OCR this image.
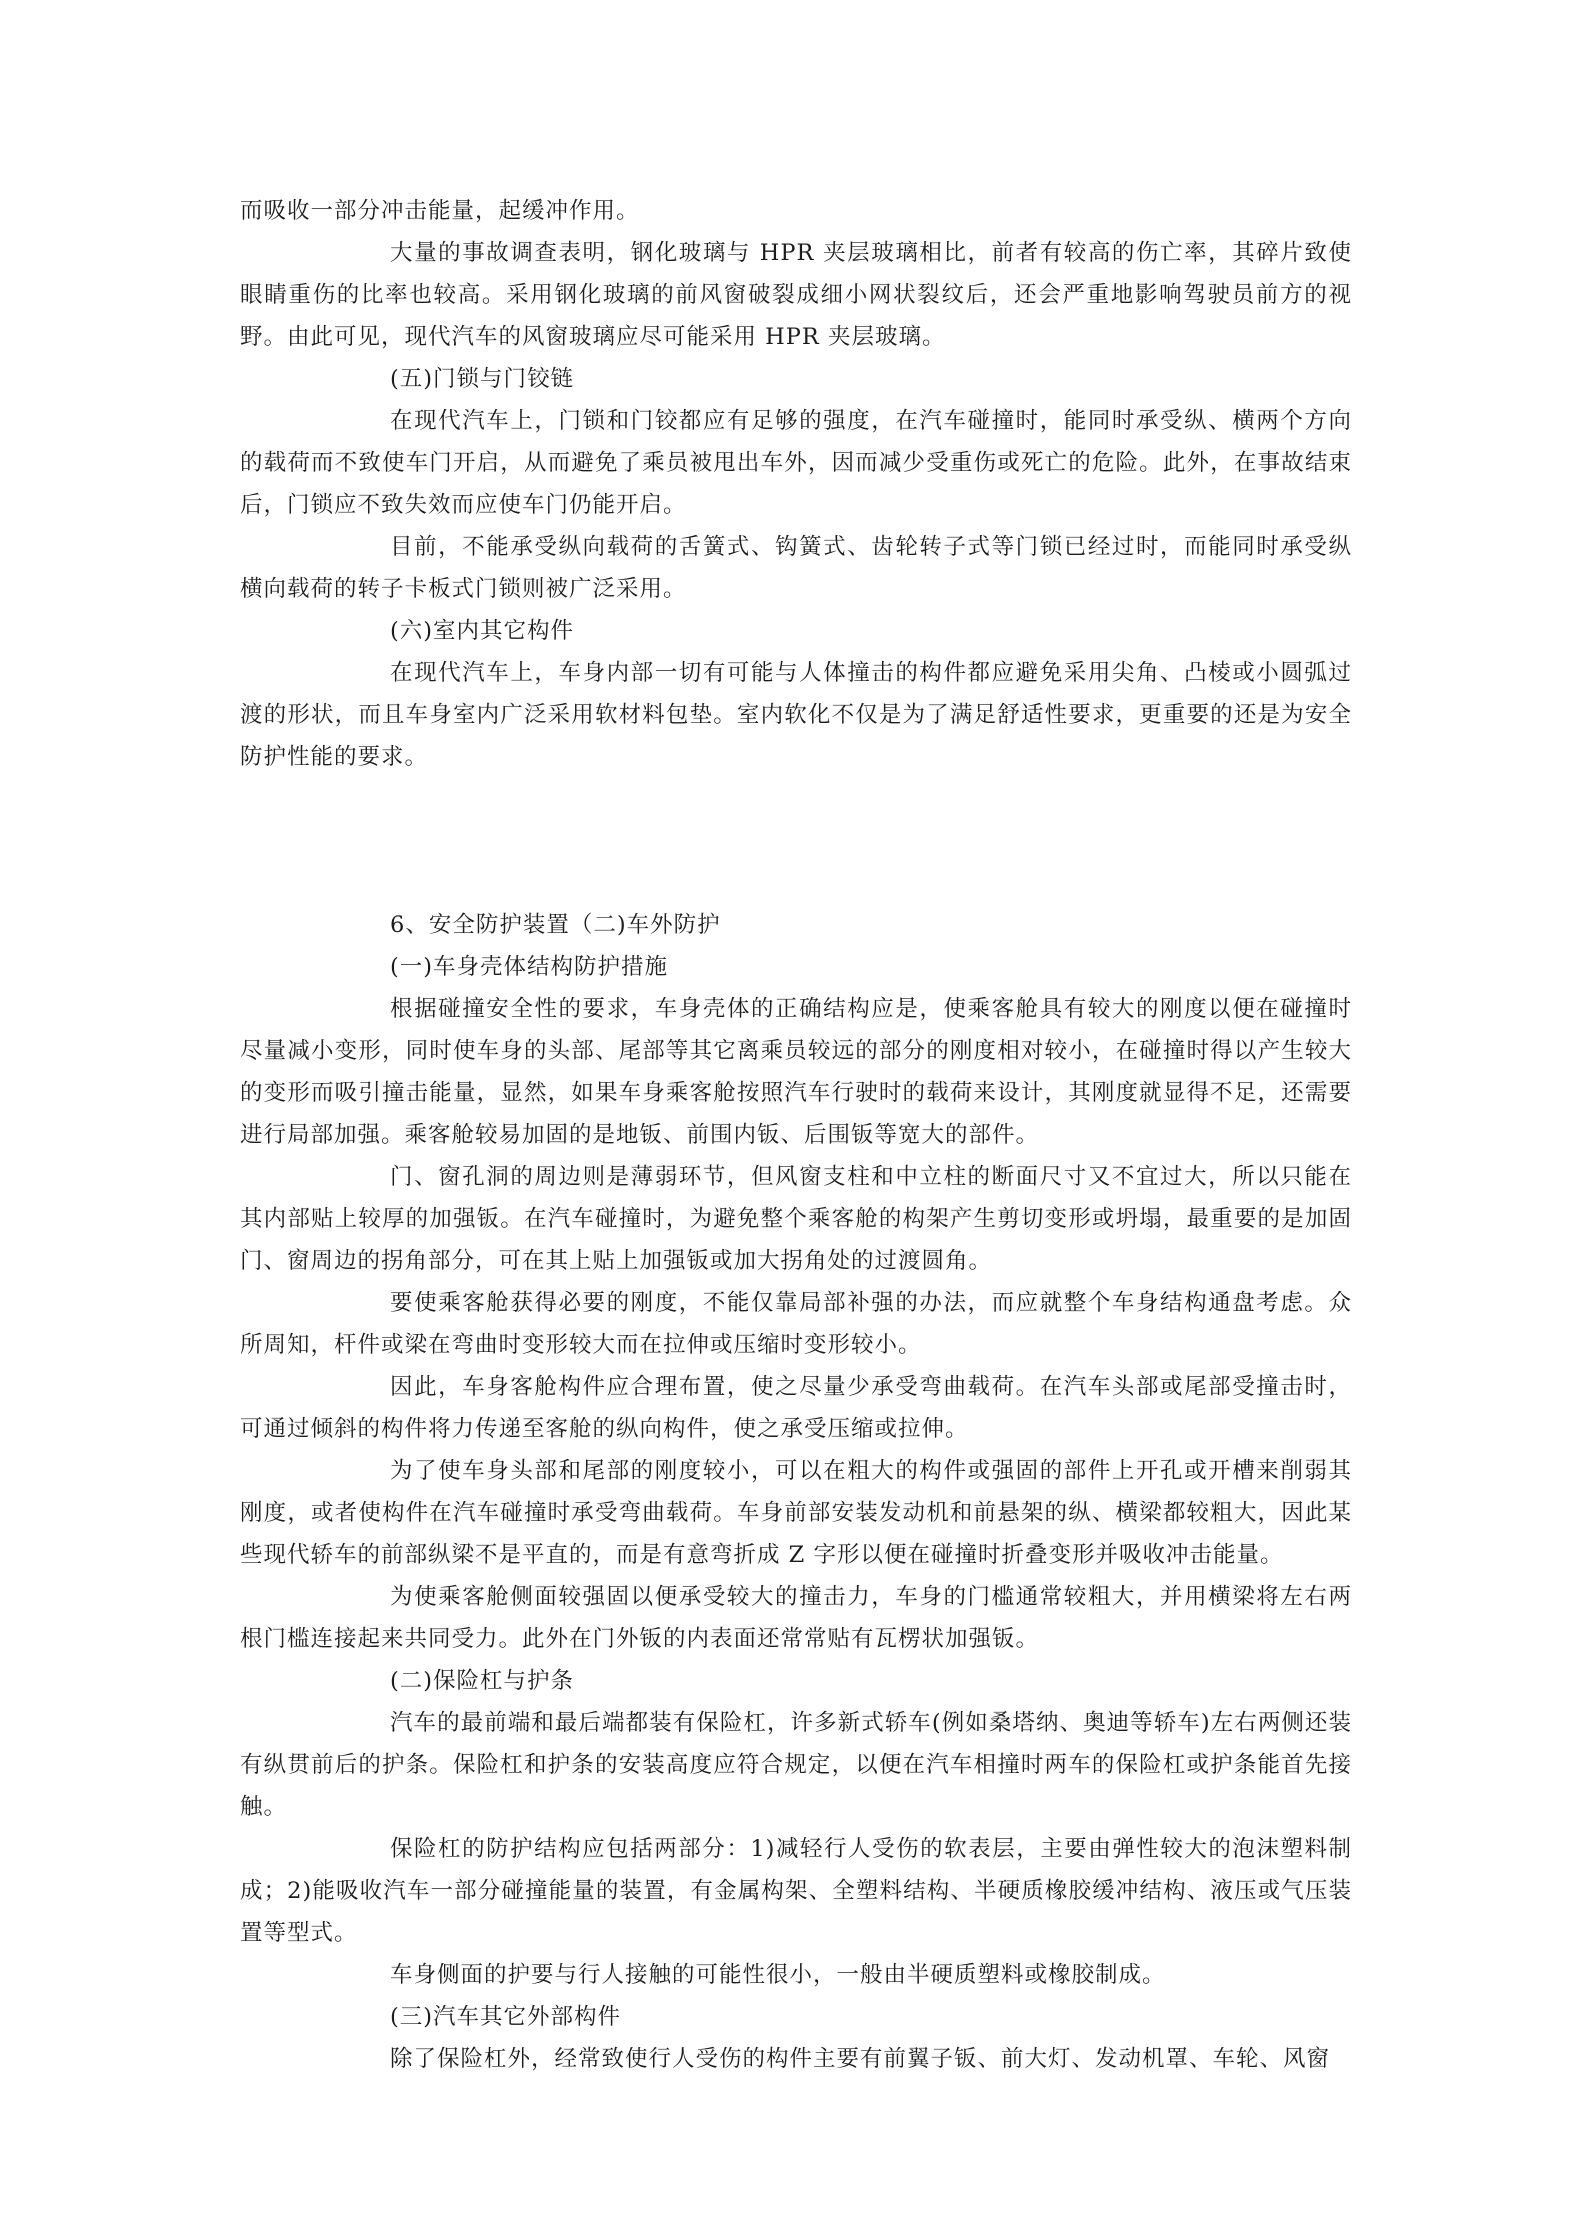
而吸收一部分冲击能量，起缓冲作用。

大量的事故调查表明，钢化玻璃与 HPR 夹层玻璃相比，前者有较高的伤亡率，其碎片致使眼睛重伤的比率也较高。采用钢化玻璃的前风窗破裂成细小网状裂纹后，还会严重地影响驾驶员前方的视野。由此可见，现代汽车的风窗玻璃应尽可能采用 HPR 夹层玻璃。

(五)门锁与门铰链

在现代汽车上，门锁和门铰都应有足够的强度，在汽车碰撞时，能同时承受纵、横两个方向的载荷而不致使车门开启，从而避免了乘员被甩出车外，因而减少受重伤或死亡的危险。此外，在事故结束后，门锁应不致失效而应使车门仍能开启。

目前，不能承受纵向载荷的舌簧式、钩簧式、齿轮转子式等门锁已经过时，而能同时承受纵横向载荷的转子卡板式门锁则被广泛采用。

(六)室内其它构件

在现代汽车上，车身内部一切有可能与人体撞击的构件都应避免采用尖角、凸棱或小圆弧过渡的形状，而且车身室内广泛采用软材料包垫。室内软化不仅是为了满足舒适性要求，更重要的还是为安全防护性能的要求。

6、安全防护装置（二)车外防护

(一)车身壳体结构防护措施

根据碰撞安全性的要求，车身壳体的正确结构应是，使乘客舱具有较大的刚度以便在碰撞时尽量减小变形，同时使车身的头部、尾部等其它离乘员较远的部分的刚度相对较小，在碰撞时得以产生较大的变形而吸引撞击能量，显然，如果车身乘客舱按照汽车行驶时的载荷来设计，其刚度就显得不足，还需要进行局部加强。乘客舱较易加固的是地钣、前围内钣、后围钣等宽大的部件。

门、窗孔洞的周边则是薄弱环节，但风窗支柱和中立柱的断面尺寸又不宜过大，所以只能在其内部贴上较厚的加强钣。在汽车碰撞时，为避免整个乘客舱的构架产生剪切变形或坍塌，最重要的是加固门、窗周边的拐角部分，可在其上贴上加强钣或加大拐角处的过渡圆角。

要使乘客舱获得必要的刚度，不能仅靠局部补强的办法，而应就整个车身结构通盘考虑。众所周知，杆件或梁在弯曲时变形较大而在拉伸或压缩时变形较小。

因此，车身客舱构件应合理布置，使之尽量少承受弯曲载荷。在汽车头部或尾部受撞击时，可通过倾斜的构件将力传递至客舱的纵向构件，使之承受压缩或拉伸。

为了使车身头部和尾部的刚度较小，可以在粗大的构件或强固的部件上开孔或开槽来削弱其刚度，或者使构件在汽车碰撞时承受弯曲载荷。车身前部安装发动机和前悬架的纵、横梁都较粗大，因此某些现代轿车的前部纵梁不是平直的，而是有意弯折成 Z 字形以便在碰撞时折叠变形并吸收冲击能量。

为使乘客舱侧面较强固以便承受较大的撞击力，车身的门槛通常较粗大，并用横梁将左右两根门槛连接起来共同受力。此外在门外钣的内表面还常常贴有瓦楞状加强钣。

(二)保险杠与护条

汽车的最前端和最后端都装有保险杠，许多新式轿车(例如桑塔纳、奥迪等轿车)左右两侧还装有纵贯前后的护条。保险杠和护条的安装高度应符合规定，以便在汽车相撞时两车的保险杠或护条能首先接触。

保险杠的防护结构应包括两部分：1)减轻行人受伤的软表层，主要由弹性较大的泡沫塑料制成；2)能吸收汽车一部分碰撞能量的装置，有金属构架、全塑料结构、半硬质橡胶缓冲结构、液压或气压装置等型式。

车身侧面的护要与行人接触的可能性很小，一般由半硬质塑料或橡胶制成。

(三)汽车其它外部构件

除了保险杠外，经常致使行人受伤的构件主要有前翼子钣、前大灯、发动机罩、车轮、风窗
